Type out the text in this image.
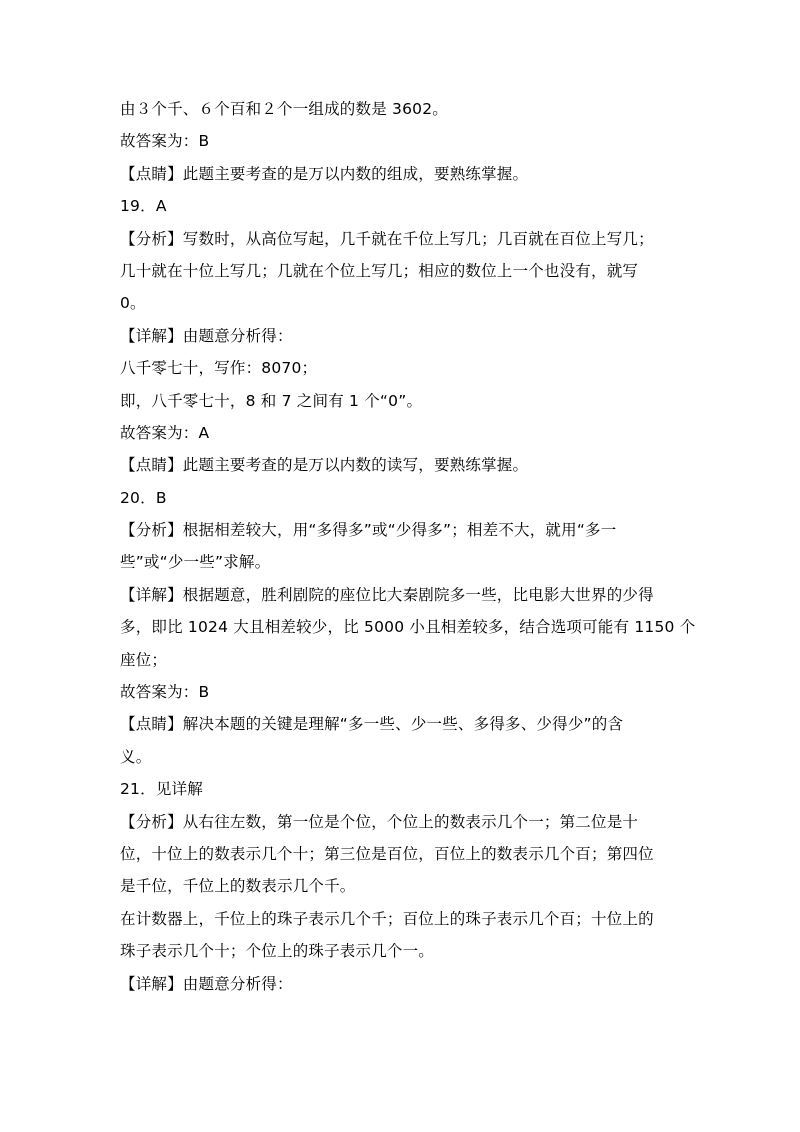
由３个千、６个百和２个一组成的数是 3602。
故答案为：B
【点睛】此题主要考查的是万以内数的组成，要熟练掌握。
19．A
【分析】写数时，从高位写起，几千就在千位上写几；几百就在百位上写几；
几十就在十位上写几；几就在个位上写几；相应的数位上一个也没有，就写
0。
【详解】由题意分析得：
八千零七十，写作：8070；
即，八千零七十，8 和 7 之间有 1 个“0”。
故答案为：A
【点睛】此题主要考查的是万以内数的读写，要熟练掌握。
20．B
【分析】根据相差较大，用“多得多”或“少得多”；相差不大，就用“多一
些”或“少一些”求解。
【详解】根据题意，胜利剧院的座位比大秦剧院多一些，比电影大世界的少得
多，即比 1024 大且相差较少，比 5000 小且相差较多，结合选项可能有 1150 个
座位；
故答案为：B
【点睛】解决本题的关键是理解“多一些、少一些、多得多、少得少”的含
义。
21．见详解
【分析】从右往左数，第一位是个位，个位上的数表示几个一；第二位是十
位，十位上的数表示几个十；第三位是百位，百位上的数表示几个百；第四位
是千位，千位上的数表示几个千。
在计数器上，千位上的珠子表示几个千；百位上的珠子表示几个百；十位上的
珠子表示几个十；个位上的珠子表示几个一。
【详解】由题意分析得：
